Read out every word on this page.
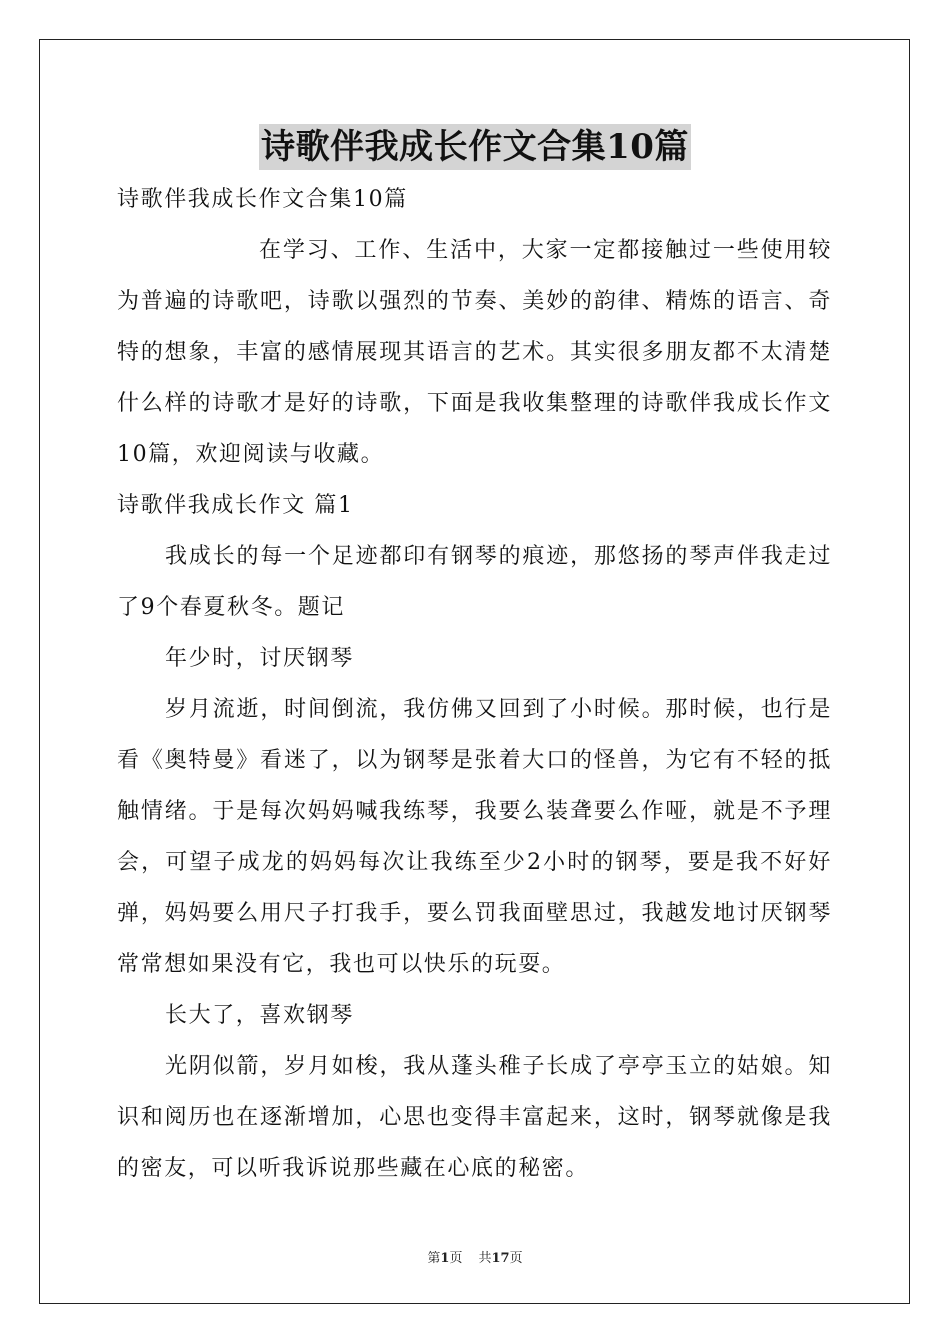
诗歌伴我成长作文合集10篇

诗歌伴我成长作文合集10篇

在学习、工作、生活中，大家一定都接触过一些使用较为普遍的诗歌吧，诗歌以强烈的节奏、美妙的韵律、精炼的语言、奇特的想象，丰富的感情展现其语言的艺术。其实很多朋友都不太清楚什么样的诗歌才是好的诗歌，下面是我收集整理的诗歌伴我成长作文10篇，欢迎阅读与收藏。

诗歌伴我成长作文 篇1

我成长的每一个足迹都印有钢琴的痕迹，那悠扬的琴声伴我走过了9个春夏秋冬。题记

年少时，讨厌钢琴

岁月流逝，时间倒流，我仿佛又回到了小时候。那时候，也行是看《奥特曼》看迷了，以为钢琴是张着大口的怪兽，为它有不轻的抵触情绪。于是每次妈妈喊我练琴，我要么装聋要么作哑，就是不予理会，可望子成龙的妈妈每次让我练至少2小时的钢琴，要是我不好好弹，妈妈要么用尺子打我手，要么罚我面壁思过，我越发地讨厌钢琴常常想如果没有它，我也可以快乐的玩耍。

长大了，喜欢钢琴

光阴似箭，岁月如梭，我从蓬头稚子长成了亭亭玉立的姑娘。知识和阅历也在逐渐增加，心思也变得丰富起来，这时，钢琴就像是我的密友，可以听我诉说那些藏在心底的秘密。

第1页 共17页
